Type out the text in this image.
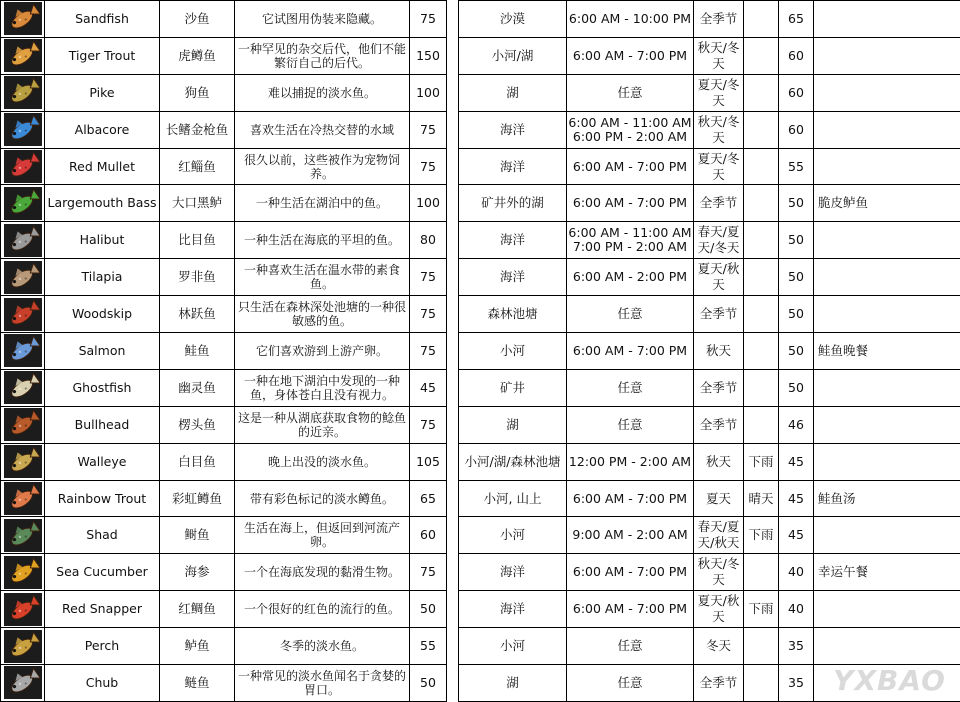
	Sandfish	沙鱼	它试图用伪装来隐藏。	75		沙漠	6:00 AM - 10:00 PM	全季节		65	

	Tiger Trout	虎鳟鱼	一种罕见的杂交后代，他们不能繁衍自己的后代。	150		小河/湖	6:00 AM - 7:00 PM	秋天/冬天		60	

	Pike	狗鱼	难以捕捉的淡水鱼。	100		湖	任意	夏天/冬天		60	

	Albacore	长鳍金枪鱼	喜欢生活在冷热交替的水域	75		海洋	6:00 AM - 11:00 AM
6:00 PM - 2:00 AM	秋天/冬天		60	

	Red Mullet	红鲻鱼	很久以前，这些被作为宠物饲养。	75		海洋	6:00 AM - 7:00 PM	夏天/冬天		55	

	Largemouth Bass	大口黑鲈	一种生活在湖泊中的鱼。	100		矿井外的湖	6:00 AM - 7:00 PM	全季节		50	脆皮鲈鱼

	Halibut	比目鱼	一种生活在海底的平坦的鱼。	80		海洋	6:00 AM - 11:00 AM
7:00 PM - 2:00 AM	春天/夏天/冬天		50	

	Tilapia	罗非鱼	一种喜欢生活在温水带的素食鱼。	75		海洋	6:00 AM - 2:00 PM	夏天/秋天		50	

	Woodskip	林跃鱼	只生活在森林深处池塘的一种很敏感的鱼。	75		森林池塘	任意	全季节		50	

	Salmon	鲑鱼	它们喜欢游到上游产卵。	75		小河	6:00 AM - 7:00 PM	秋天		50	鲑鱼晚餐

	Ghostfish	幽灵鱼	一种在地下湖泊中发现的一种鱼，身体苍白且没有视力。	45		矿井	任意	全季节		50	

	Bullhead	楞头鱼	这是一种从湖底获取食物的鲶鱼的近亲。	75		湖	任意	全季节		46	

	Walleye	白目鱼	晚上出没的淡水鱼。	105		小河/湖/森林池塘	12:00 PM - 2:00 AM	秋天	下雨	45	

	Rainbow Trout	彩虹鳟鱼	带有彩色标记的淡水鳟鱼。	65		小河, 山上	6:00 AM - 7:00 PM	夏天	晴天	45	鲑鱼汤

	Shad	鲥鱼	生活在海上，但返回到河流产卵。	60		小河	9:00 AM - 2:00 AM	春天/夏天/秋天	下雨	45	

	Sea Cucumber	海参	一个在海底发现的黏滑生物。	75		海洋	6:00 AM - 7:00 PM	秋天/冬天		40	幸运午餐

	Red Snapper	红鲷鱼	一个很好的红色的流行的鱼。	50		海洋	6:00 AM - 7:00 PM	夏天/秋天	下雨	40	

	Perch	鲈鱼	冬季的淡水鱼。	55		小河	任意	冬天		35	

	Chub	鲢鱼	一种常见的淡水鱼闻名于贪婪的胃口。	50		湖	任意	全季节		35	YXBAO
